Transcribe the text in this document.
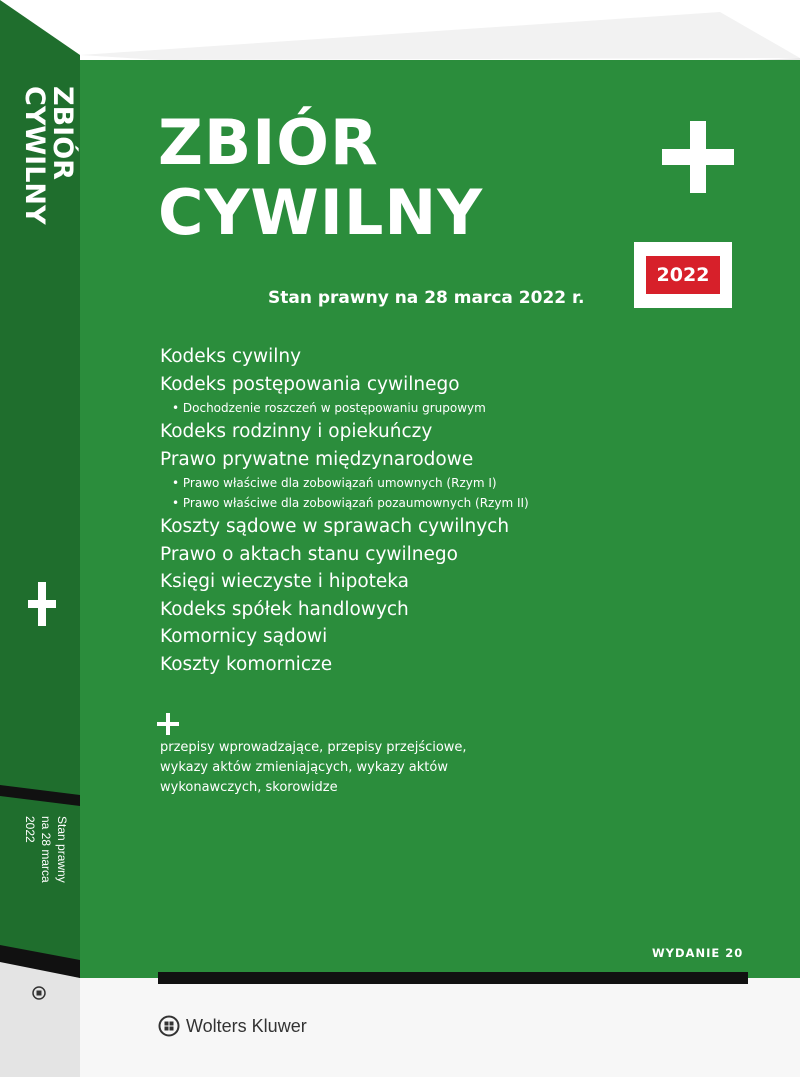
ZBIÓR
CYWILNY
Stan prawny
na 28 marca
2022
ZBIÓR
CYWILNY
2022
Stan prawny na 28 marca 2022 r.
Kodeks cywilny
Kodeks postępowania cywilnego
• Dochodzenie roszczeń w postępowaniu grupowym
Kodeks rodzinny i opiekuńczy
Prawo prywatne międzynarodowe
• Prawo właściwe dla zobowiązań umownych (Rzym I)
• Prawo właściwe dla zobowiązań pozaumownych (Rzym II)
Koszty sądowe w sprawach cywilnych
Prawo o aktach stanu cywilnego
Księgi wieczyste i hipoteka
Kodeks spółek handlowych
Komornicy sądowi
Koszty komornicze
przepisy wprowadzające, przepisy przejściowe,
wykazy aktów zmieniających, wykazy aktów
wykonawczych, skorowidze
WYDANIE 20
Wolters Kluwer
